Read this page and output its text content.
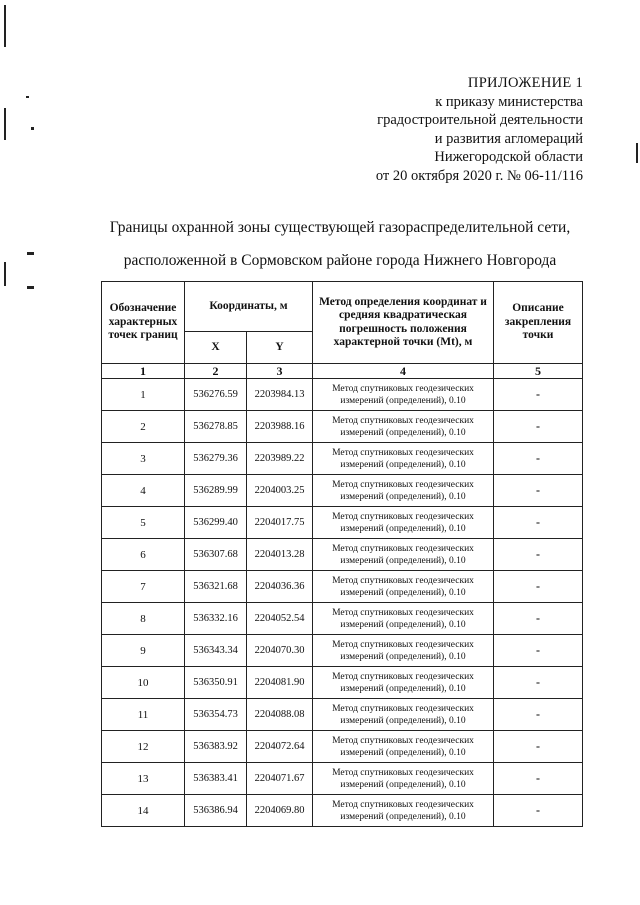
ПРИЛОЖЕНИЕ 1
к приказу министерства
градостроительной деятельности
и развития агломераций
Нижегородской области
от 20 октября 2020 г. № 06-11/116
Границы охранной зоны существующей газораспределительной сети,
расположенной в Сормовском районе города Нижнего Новгорода
Обозначение характерных точек границ	Координаты, м		Метод определения координат и средняя квадратическая погрешность положения характерной точки (Mt), м	Описание закрепления точки
	X	Y		
1	2	3	4	5
1	536276.59	2203984.13	Метод спутниковых геодезических измерений (определений), 0.10	-
2	536278.85	2203988.16	Метод спутниковых геодезических измерений (определений), 0.10	-
3	536279.36	2203989.22	Метод спутниковых геодезических измерений (определений), 0.10	-
4	536289.99	2204003.25	Метод спутниковых геодезических измерений (определений), 0.10	-
5	536299.40	2204017.75	Метод спутниковых геодезических измерений (определений), 0.10	-
6	536307.68	2204013.28	Метод спутниковых геодезических измерений (определений), 0.10	-
7	536321.68	2204036.36	Метод спутниковых геодезических измерений (определений), 0.10	-
8	536332.16	2204052.54	Метод спутниковых геодезических измерений (определений), 0.10	-
9	536343.34	2204070.30	Метод спутниковых геодезических измерений (определений), 0.10	-
10	536350.91	2204081.90	Метод спутниковых геодезических измерений (определений), 0.10	-
11	536354.73	2204088.08	Метод спутниковых геодезических измерений (определений), 0.10	-
12	536383.92	2204072.64	Метод спутниковых геодезических измерений (определений), 0.10	-
13	536383.41	2204071.67	Метод спутниковых геодезических измерений (определений), 0.10	-
14	536386.94	2204069.80	Метод спутниковых геодезических измерений (определений), 0.10	-
